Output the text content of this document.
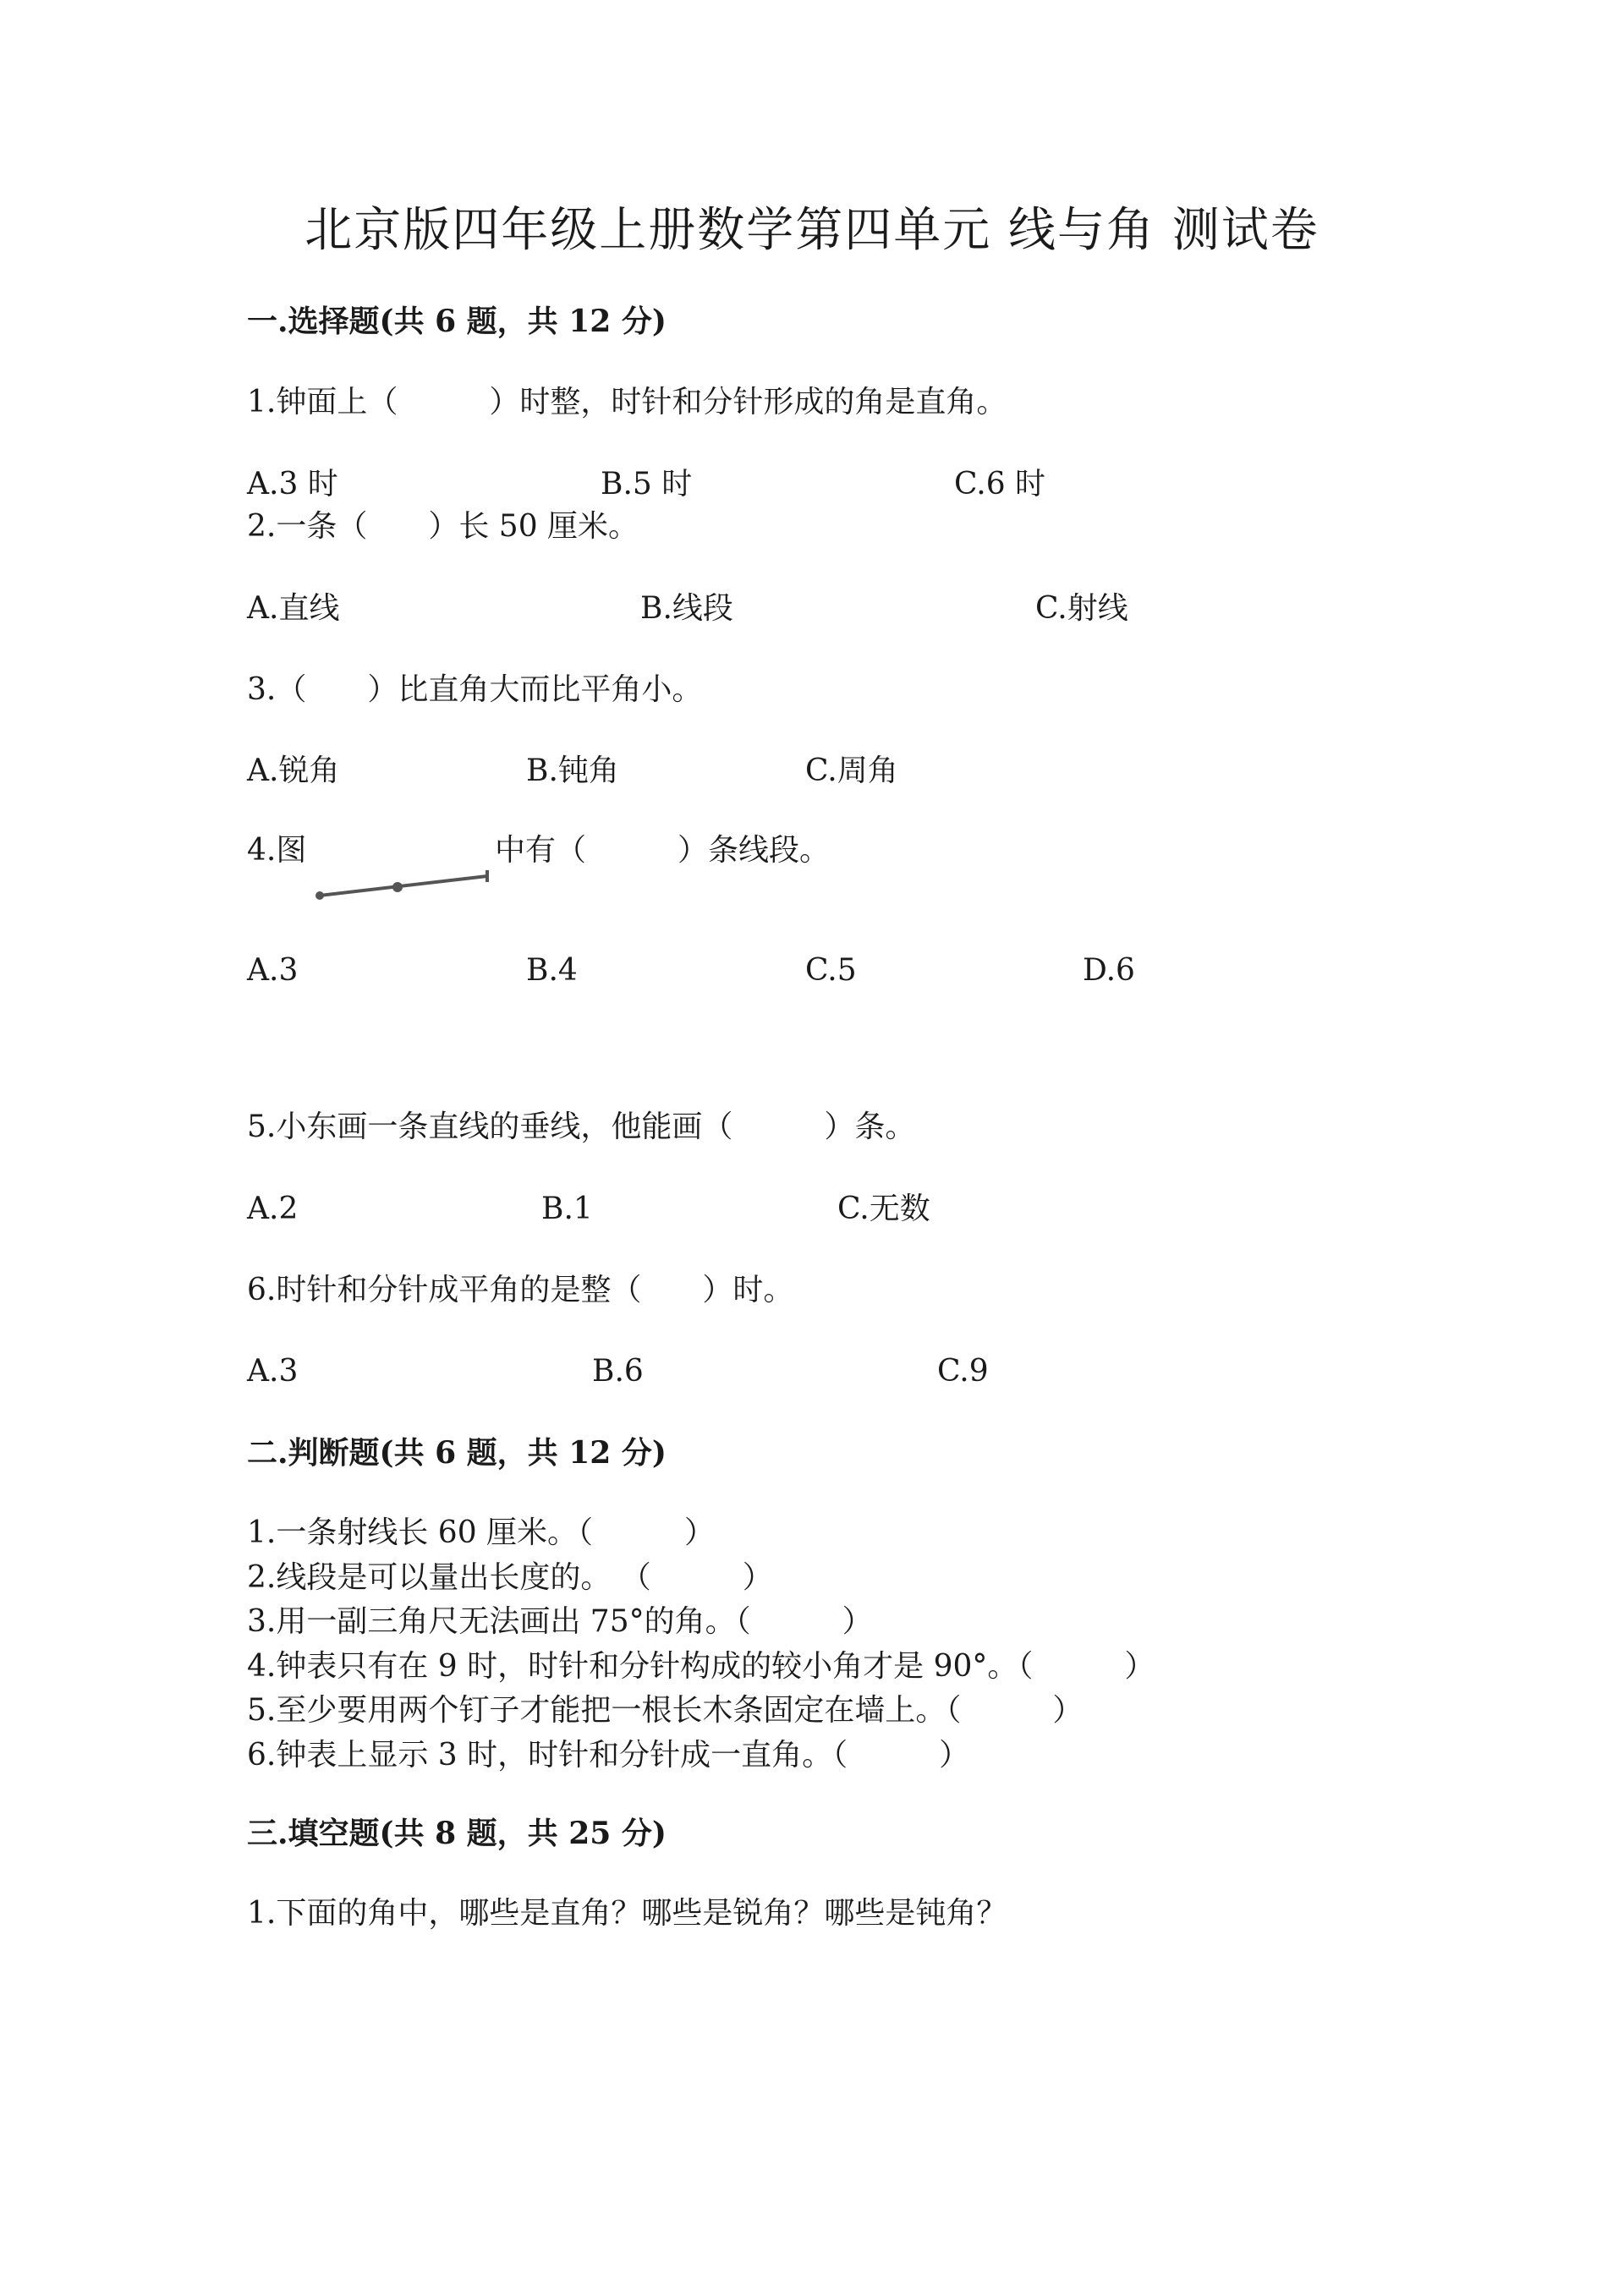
北京版四年级上册数学第四单元 线与角 测试卷
一.选择题(共 6 题，共 12 分)
1.钟面上（　　　）时整，时针和分针形成的角是直角。
A.3 时	B.5 时	C.6 时
2.一条（　　）长 50 厘米。
A.直线	B.线段	C.射线
3.（　　）比直角大而比平角小。
A.锐角	B.钝角	C.周角
4.图	中有（　　　）条线段。
A.3	B.4	C.5	D.6
5.小东画一条直线的垂线，他能画（　　　）条。
A.2	B.1	C.无数
6.时针和分针成平角的是整（　　）时。
A.3	B.6	C.9
二.判断题(共 6 题，共 12 分)
1.一条射线长 60 厘米。（　　　）
2.线段是可以量出长度的。 （　　　）
3.用一副三角尺无法画出 75°的角。（　　　）
4.钟表只有在 9 时，时针和分针构成的较小角才是 90°。（　　　）
5.至少要用两个钉子才能把一根长木条固定在墙上。（　　　）
6.钟表上显示 3 时，时针和分针成一直角。（　　　）
三.填空题(共 8 题，共 25 分)
1.下面的角中，哪些是直角？哪些是锐角？哪些是钝角？
